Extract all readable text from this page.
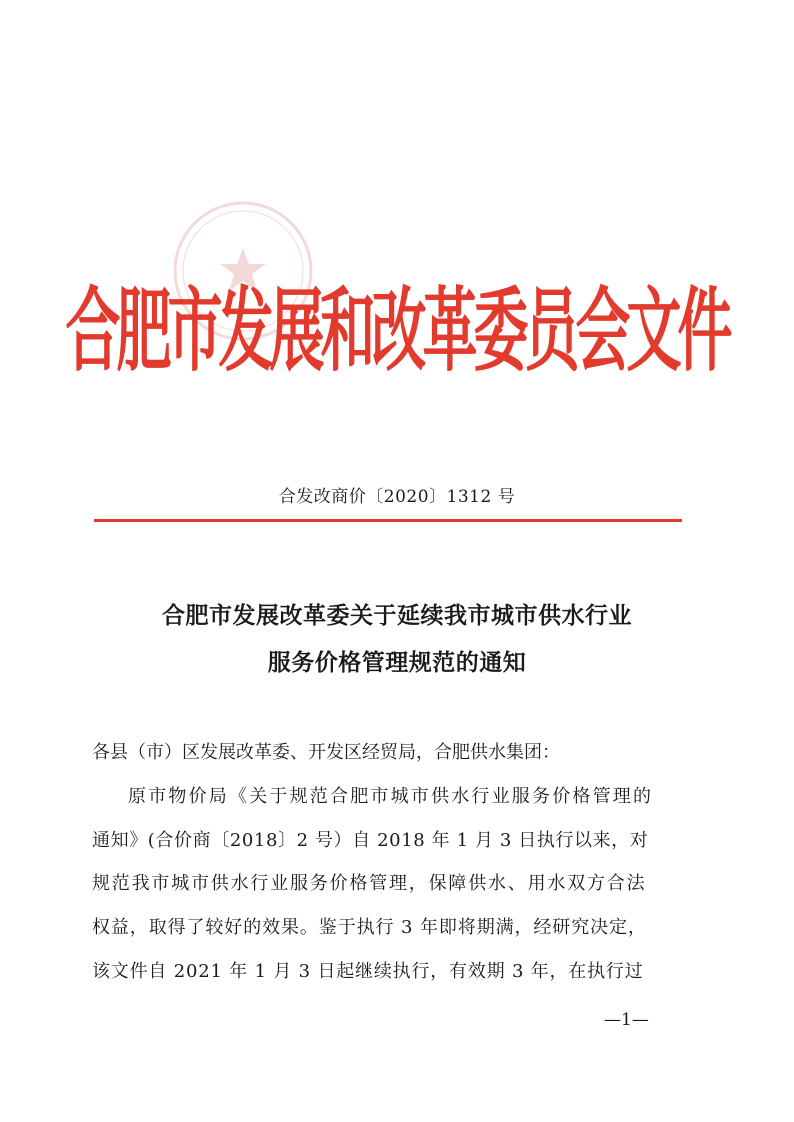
合肥市发展和改革委员会文件
合发改商价〔2020〕1312 号
合肥市发展改革委关于延续我市城市供水行业
服务价格管理规范的通知
各县（市）区发展改革委、开发区经贸局，合肥供水集团：
原市物价局《关于规范合肥市城市供水行业服务价格管理的
通知》(合价商〔2018〕2 号）自 2018 年 1 月 3 日执行以来，对
规范我市城市供水行业服务价格管理，保障供水、用水双方合法
权益，取得了较好的效果。鉴于执行 3 年即将期满，经研究决定，
该文件自 2021 年 1 月 3 日起继续执行，有效期 3 年，在执行过
—1—
